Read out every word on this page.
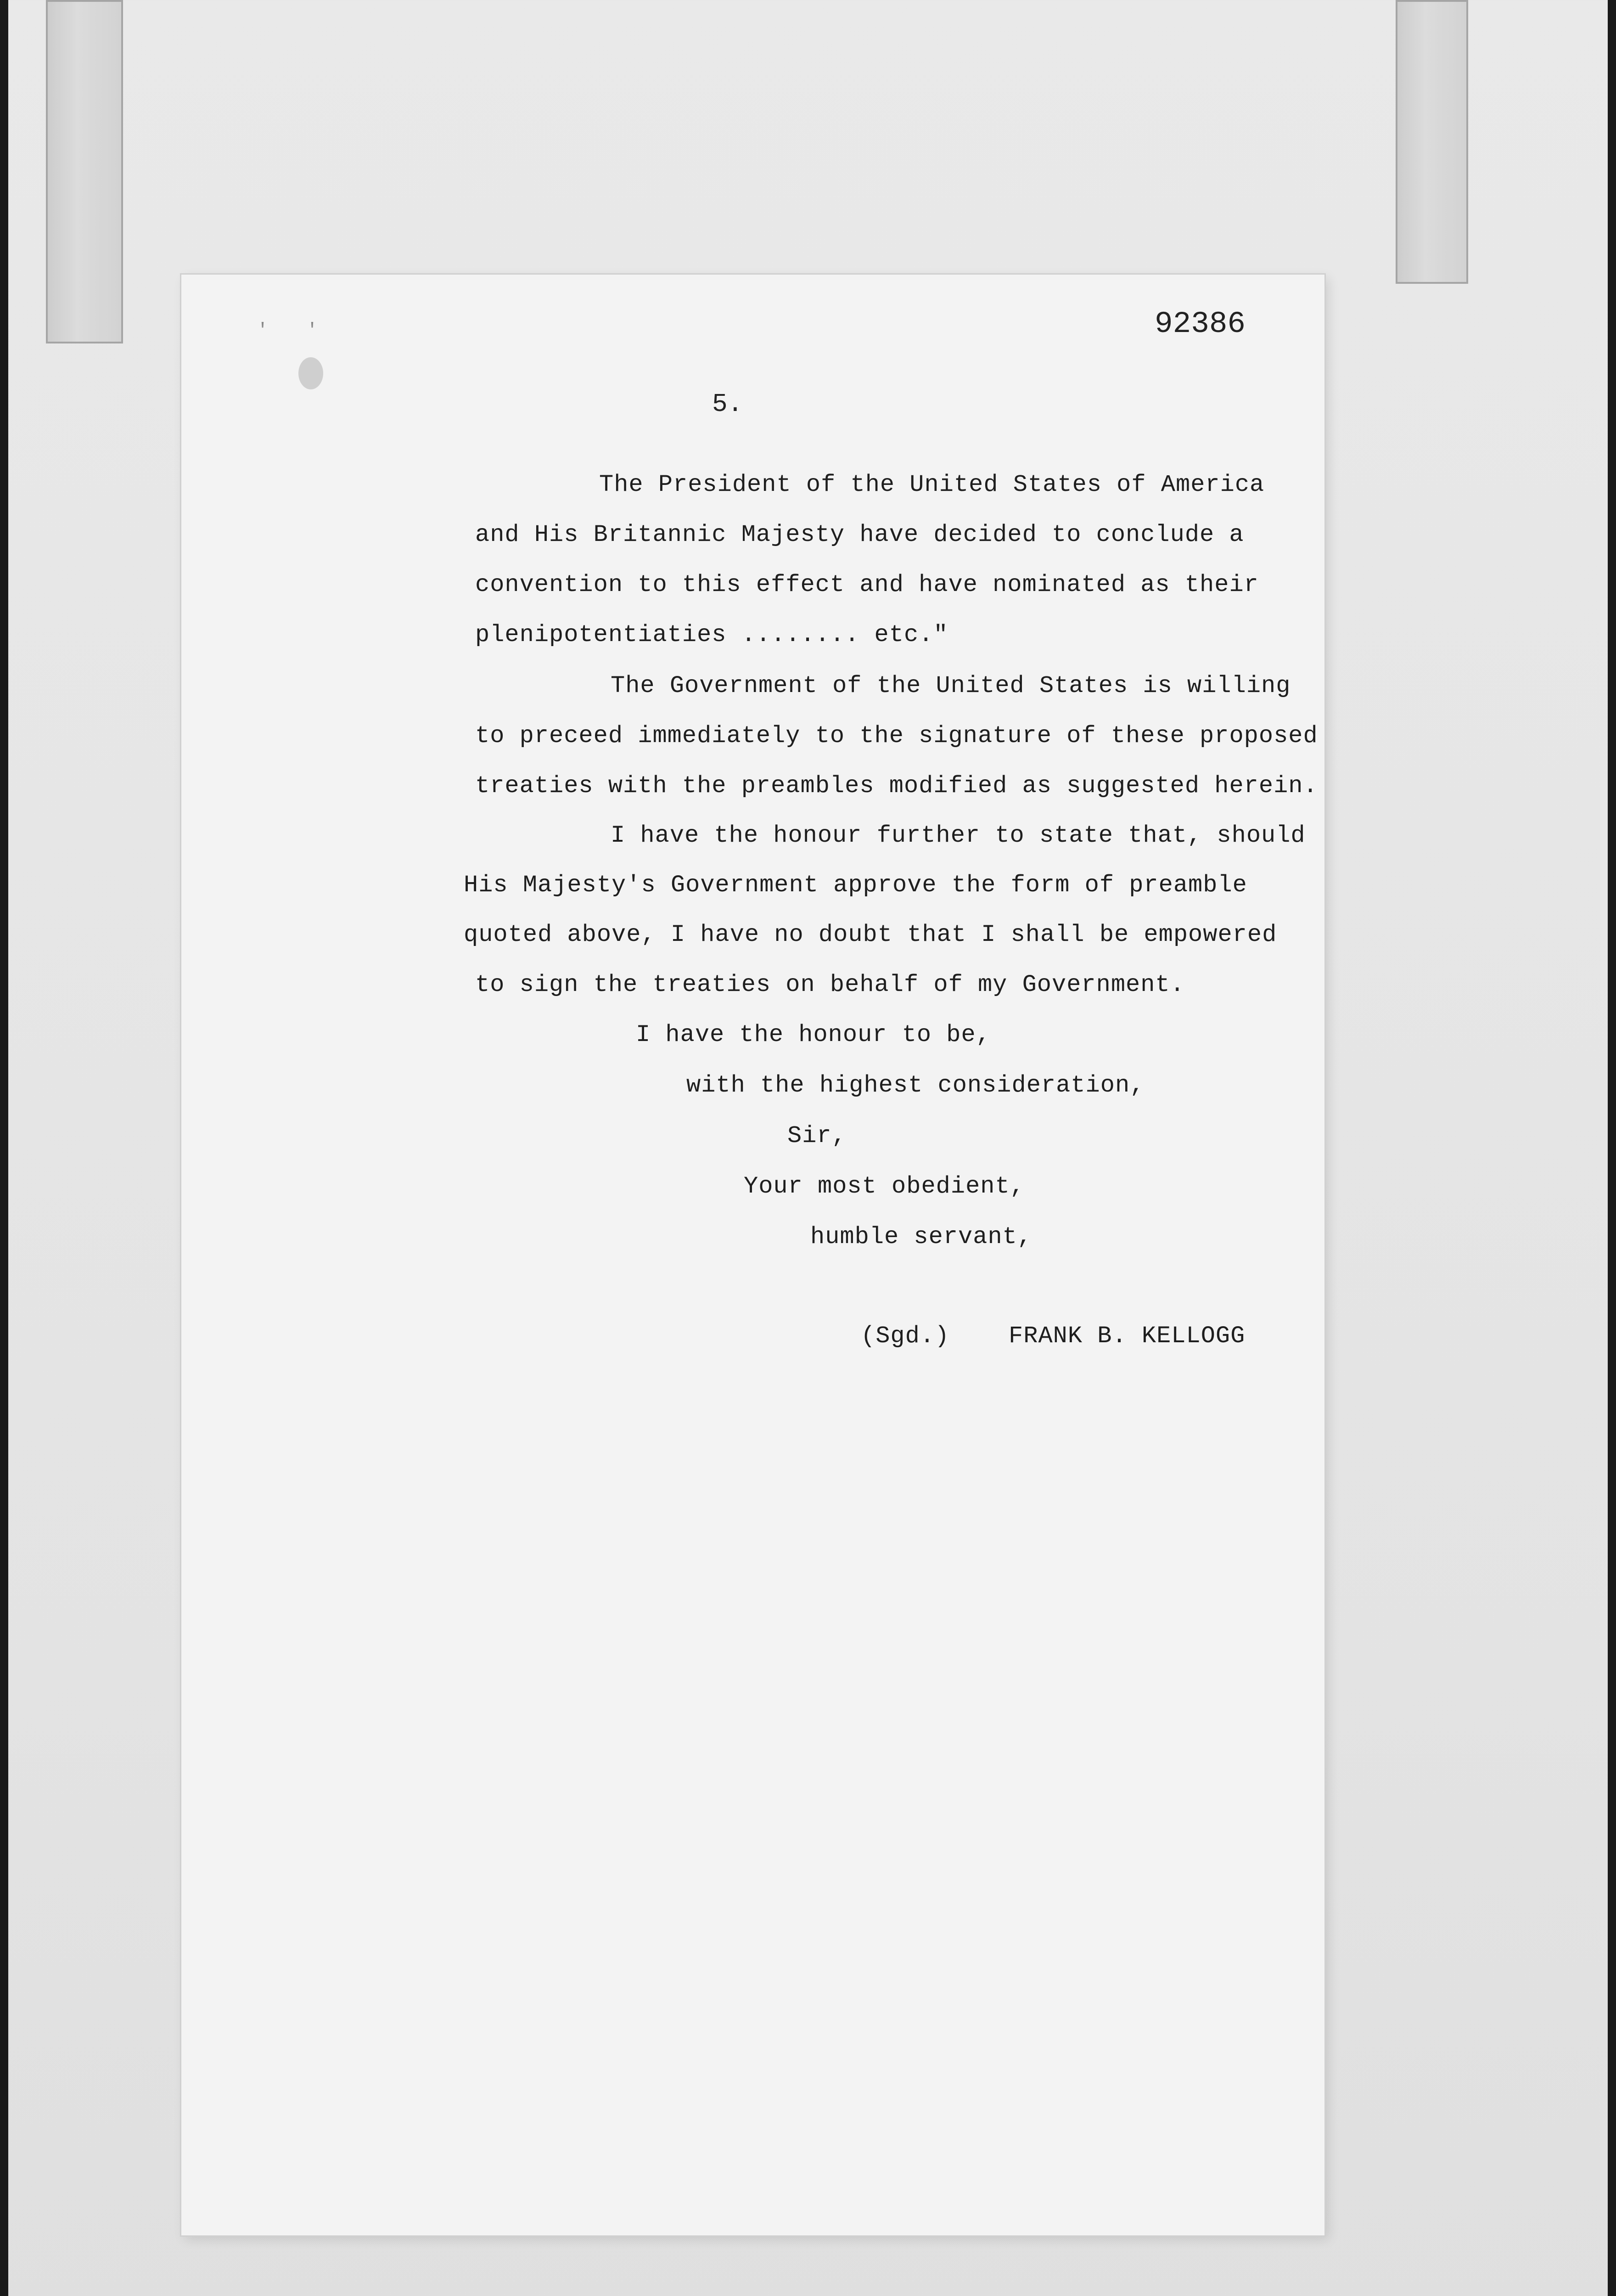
' '	92386
5.
The President of the United States of America
and His Britannic Majesty have decided to conclude a
convention to this effect and have nominated as their
plenipotentiaties ........ etc."
The Government of the United States is willing
to preceed immediately to the signature of these proposed
treaties with the preambles modified as suggested herein.
I have the honour further to state that, should
His Majesty's Government approve the form of preamble
quoted above, I have no doubt that I shall be empowered
to sign the treaties on behalf of my Government.
I have the honour to be,
with the highest consideration,
Sir,
Your most obedient,
humble servant,
(Sgd.)    FRANK B. KELLOGG
